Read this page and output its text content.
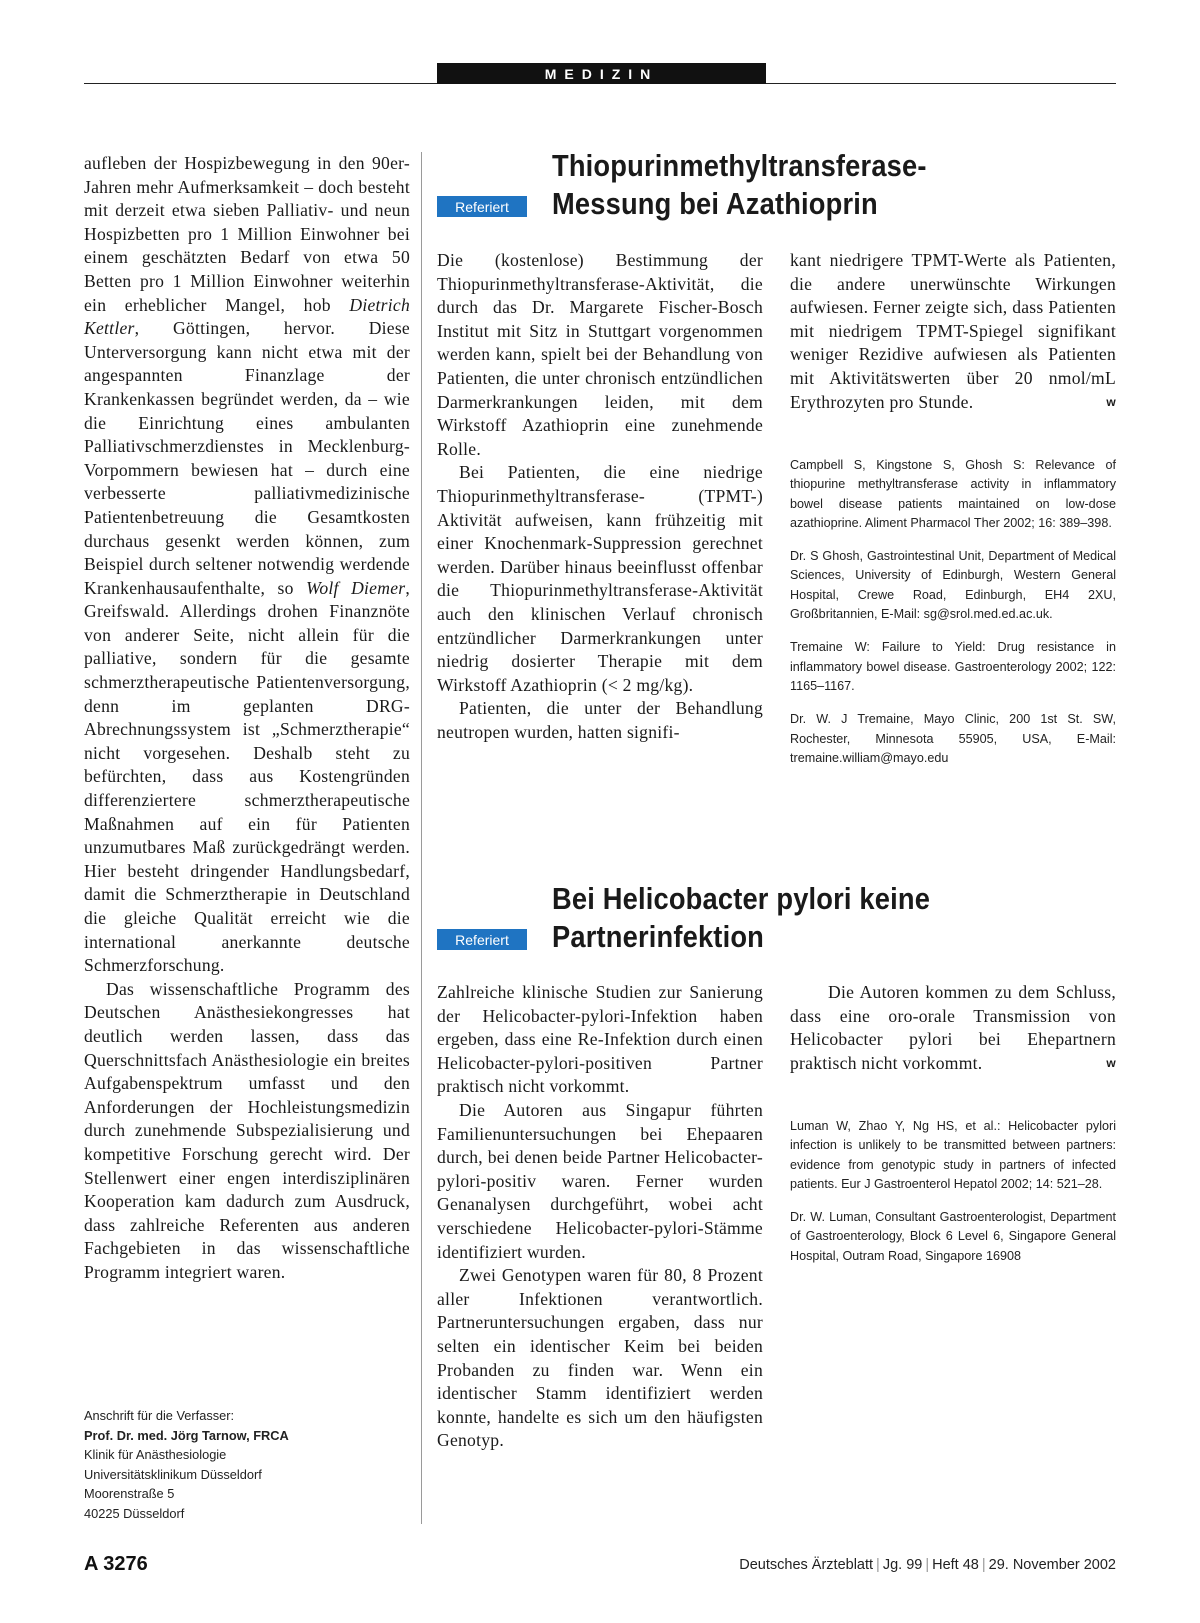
MEDIZIN

aufleben der Hospizbewegung in den 90er-Jahren mehr Aufmerksamkeit – doch besteht mit derzeit etwa sieben Palliativ- und neun Hospizbetten pro 1 Million Einwohner bei einem geschätzten Bedarf von etwa 50 Betten pro 1 Million Einwohner weiterhin ein erheblicher Mangel, hob Dietrich Kettler, Göttingen, hervor. Diese Unterversorgung kann nicht etwa mit der angespannten Finanzlage der Krankenkassen begründet werden, da – wie die Einrichtung eines ambulanten Palliativschmerzdienstes in Mecklenburg-Vorpommern bewiesen hat – durch eine verbesserte palliativmedizinische Patientenbetreuung die Gesamtkosten durchaus gesenkt werden können, zum Beispiel durch seltener notwendig werdende Krankenhausaufenthalte, so Wolf Diemer, Greifswald. Allerdings drohen Finanznöte von anderer Seite, nicht allein für die palliative, sondern für die gesamte schmerztherapeutische Patientenversorgung, denn im geplanten DRG-Abrechnungssystem ist „Schmerztherapie“ nicht vorgesehen. Deshalb steht zu befürchten, dass aus Kostengründen differenziertere schmerztherapeutische Maßnahmen auf ein für Patienten unzumutbares Maß zurückgedrängt werden. Hier besteht dringender Handlungsbedarf, damit die Schmerztherapie in Deutschland die gleiche Qualität erreicht wie die international anerkannte deutsche Schmerzforschung.

Das wissenschaftliche Programm des Deutschen Anästhesiekongresses hat deutlich werden lassen, dass das Querschnittsfach Anästhesiologie ein breites Aufgabenspektrum umfasst und den Anforderungen der Hochleistungsmedizin durch zunehmende Subspezialisierung und kompetitive Forschung gerecht wird. Der Stellenwert einer engen interdisziplinären Kooperation kam dadurch zum Ausdruck, dass zahlreiche Referenten aus anderen Fachgebieten in das wissenschaftliche Programm integriert waren.

Anschrift für die Verfasser:
Prof. Dr. med. Jörg Tarnow, FRCA
Klinik für Anästhesiologie
Universitätsklinikum Düsseldorf
Moorenstraße 5
40225 Düsseldorf
Referiert
Thiopurinmethyltransferase-
Messung bei Azathioprin

Die (kostenlose) Bestimmung der Thiopurinmethyltransferase-Aktivität, die durch das Dr. Margarete Fischer-Bosch Institut mit Sitz in Stuttgart vorgenommen werden kann, spielt bei der Behandlung von Patienten, die unter chronisch entzündlichen Darmerkrankungen leiden, mit dem Wirkstoff Azathioprin eine zunehmende Rolle.

Bei Patienten, die eine niedrige Thiopurinmethyltransferase- (TPMT-) Aktivität aufweisen, kann frühzeitig mit einer Knochenmark-Suppression gerechnet werden. Darüber hinaus beeinflusst offenbar die Thiopurinmethyltransferase-Aktivität auch den klinischen Verlauf chronisch entzündlicher Darmerkrankungen unter niedrig dosierter Therapie mit dem Wirkstoff Azathioprin (< 2 mg/kg).

Patienten, die unter der Behandlung neutropen wurden, hatten signifi-

kant niedrigere TPMT-Werte als Patienten, die andere unerwünschte Wirkungen aufwiesen. Ferner zeigte sich, dass Patienten mit niedrigem TPMT-Spiegel signifikant weniger Rezidive aufwiesen als Patienten mit Aktivitätswerten über 20 nmol/mL Erythrozyten pro Stunde.	w

Campbell S, Kingstone S, Ghosh S: Relevance of thiopurine methyltransferase activity in inflammatory bowel disease patients maintained on low-dose azathioprine. Aliment Pharmacol Ther 2002; 16: 389–398.

Dr. S Ghosh, Gastrointestinal Unit, Department of Medical Sciences, University of Edinburgh, Western General Hospital, Crewe Road, Edinburgh, EH4 2XU, Großbritannien, E-Mail: sg@srol.med.ed.ac.uk.

Tremaine W: Failure to Yield: Drug resistance in inflammatory bowel disease. Gastroenterology 2002; 122: 1165–1167.

Dr. W. J Tremaine, Mayo Clinic, 200 1st St. SW, Rochester, Minnesota 55905, USA, E-Mail: tremaine.william@mayo.edu

Referiert
Bei Helicobacter pylori keine
Partnerinfektion

Zahlreiche klinische Studien zur Sanierung der Helicobacter-pylori-Infektion haben ergeben, dass eine Re-Infektion durch einen Helicobacter-pylori-positiven Partner praktisch nicht vorkommt.

Die Autoren aus Singapur führten Familienuntersuchungen bei Ehepaaren durch, bei denen beide Partner Helicobacter-pylori-positiv waren. Ferner wurden Genanalysen durchgeführt, wobei acht verschiedene Helicobacter-pylori-Stämme identifiziert wurden.

Zwei Genotypen waren für 80, 8 Prozent aller Infektionen verantwortlich. Partneruntersuchungen ergaben, dass nur selten ein identischer Keim bei beiden Probanden zu finden war. Wenn ein identischer Stamm identifiziert werden konnte, handelte es sich um den häufigsten Genotyp.

Die Autoren kommen zu dem Schluss, dass eine oro-orale Transmission von Helicobacter pylori bei Ehepartnern praktisch nicht vorkommt.	w

Luman W, Zhao Y, Ng HS, et al.: Helicobacter pylori infection is unlikely to be transmitted between partners: evidence from genotypic study in partners of infected patients. Eur J Gastroenterol Hepatol 2002; 14: 521–28.

Dr. W. Luman, Consultant Gastroenterologist, Department of Gastroenterology, Block 6 Level 6, Singapore General Hospital, Outram Road, Singapore 16908

A 3276	Deutsches Ärzteblatt | Jg. 99 | Heft 48 | 29. November 2002
